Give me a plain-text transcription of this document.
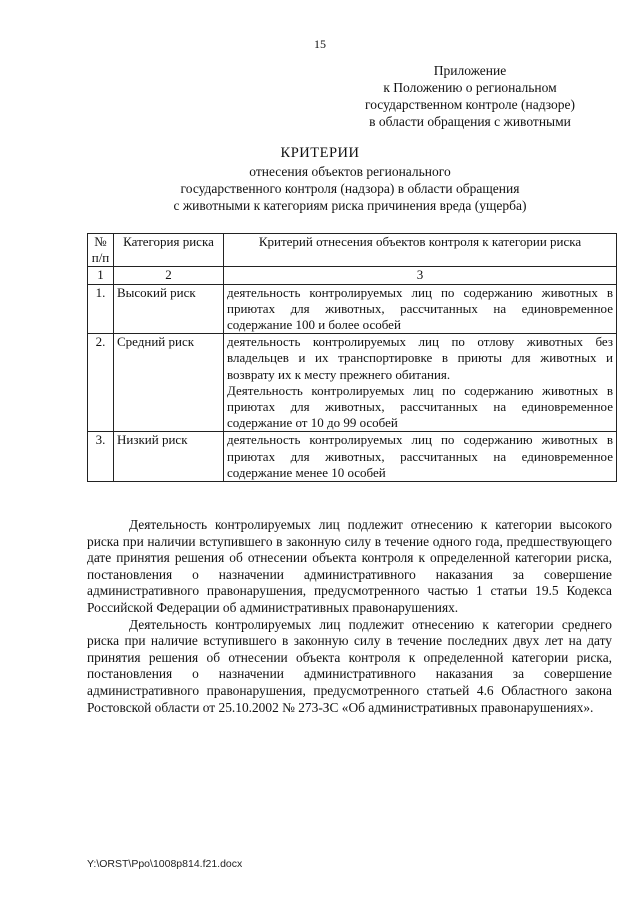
15
Приложение
к Положению о региональном
государственном контроле (надзоре)
в области обращения с животными
КРИТЕРИИ
отнесения объектов регионального
государственного контроля (надзора) в области обращения
с животными к категориям риска причинения вреда (ущерба)
№ п/п	Категория риска	Критерий отнесения объектов контроля к категории риска
1	2	3
1.	Высокий риск	деятельность контролируемых лиц по содержанию животных в приютах для животных, рассчитанных на единовременное содержание 100 и более особей

2.	Средний риск	деятельность контролируемых лиц по отлову животных без владельцев и их транспортировке в приюты для животных и возврату их к месту прежнего обитания.

Деятельность контролируемых лиц по содержанию животных в приютах для животных, рассчитанных на единовременное содержание от 10 до 99 особей

3.	Низкий риск	деятельность контролируемых лиц по содержанию животных в приютах для животных, рассчитанных на единовременное содержание менее 10 особей

Деятельность контролируемых лиц подлежит отнесению к категории высокого риска при наличии вступившего в законную силу в течение одного года, предшествующего дате принятия решения об отнесении объекта контроля к определенной категории риска, постановления о назначении административного наказания за совершение административного правонарушения, предусмотренного частью 1 статьи 19.5 Кодекса Российской Федерации об административных правонарушениях.

Деятельность контролируемых лиц подлежит отнесению к категории среднего риска при наличие вступившего в законную силу в течение последних двух лет на дату принятия решения об отнесении объекта контроля к определенной категории риска, постановления о назначении административного наказания за совершение административного правонарушения, предусмотренного статьей 4.6 Областного закона Ростовской области от 25.10.2002 № 273-ЗС «Об административных правонарушениях».

Y:\ORST\Ppo\1008p814.f21.docx
